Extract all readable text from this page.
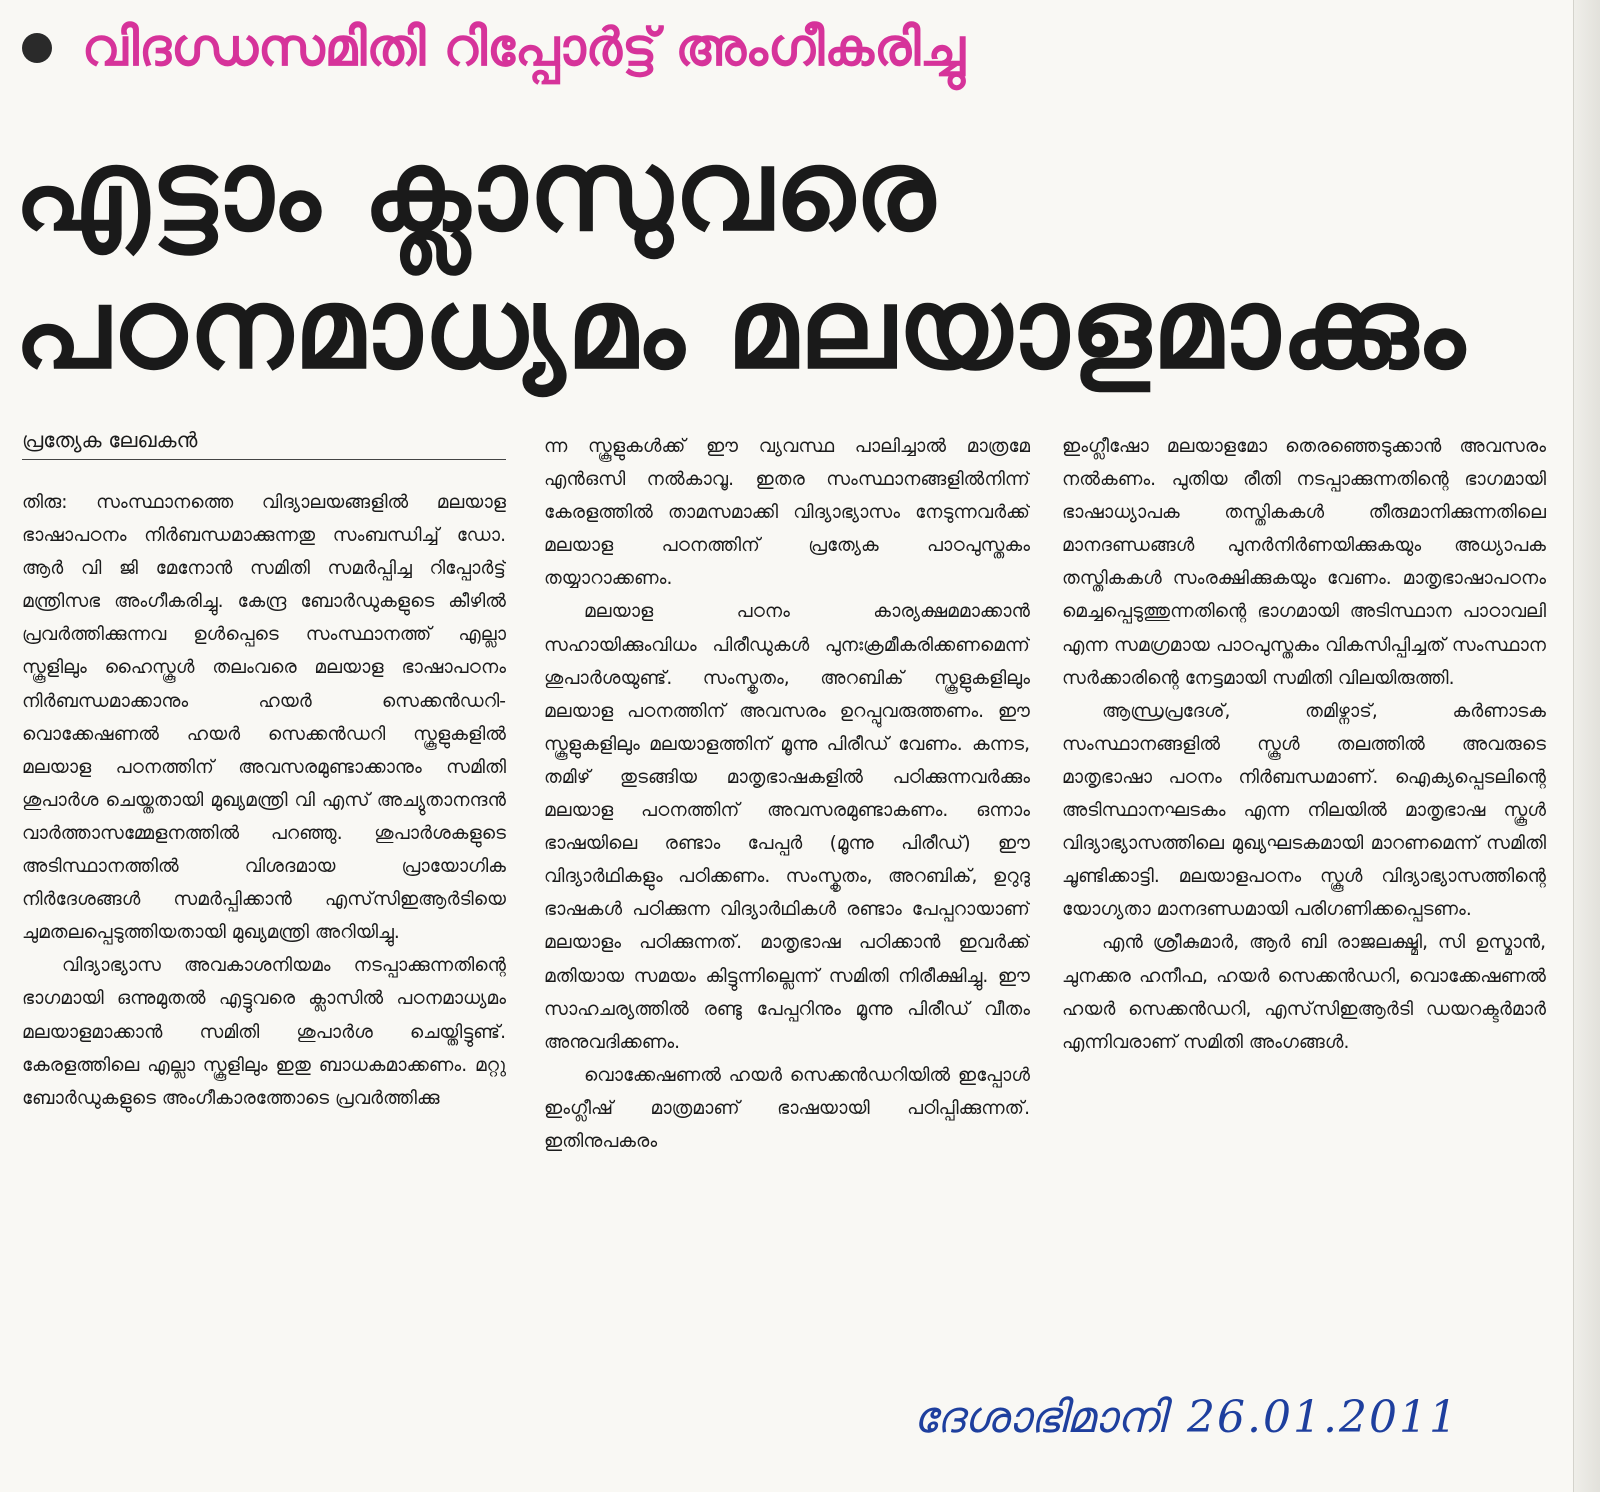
വിദഗ്ധസമിതി റിപ്പോര്‍ട്ട് അംഗീകരിച്ചു
എട്ടാം ക്ലാസുവരെ
പഠനമാധ്യമം മലയാളമാക്കും
പ്രത്യേക ലേഖകന്‍

തിരു: സംസ്ഥാനത്തെ വിദ്യാലയങ്ങളില്‍ മലയാള ഭാഷാപഠനം നിര്‍ബന്ധമാക്കുന്നതു സംബന്ധിച്ച് ഡോ. ആര്‍ വി ജി മേനോന്‍ സമിതി സമര്‍പ്പിച്ച റിപ്പോര്‍ട്ട് മന്ത്രിസഭ അംഗീകരിച്ചു. കേന്ദ്ര ബോര്‍ഡുകളുടെ കീഴില്‍ പ്രവര്‍ത്തിക്കുന്നവ ഉള്‍പ്പെടെ സംസ്ഥാനത്ത് എല്ലാ സ്കൂളിലും ഹൈസ്കൂള്‍ തലംവരെ മലയാള ഭാഷാപഠനം നിര്‍ബന്ധമാക്കാനും ഹയര്‍ സെക്കന്‍ഡറി-വൊക്കേഷണല്‍ ഹയര്‍ സെക്കന്‍ഡറി സ്കൂളുകളില്‍ മലയാള പഠനത്തിന് അവസരമുണ്ടാക്കാനും സമിതി ശുപാര്‍ശ ചെയ്തതായി മുഖ്യമന്ത്രി വി എസ് അച്യുതാനന്ദന്‍ വാര്‍ത്താസമ്മേളനത്തില്‍ പറഞ്ഞു. ശുപാര്‍ശകളുടെ അടിസ്ഥാനത്തില്‍ വിശദമായ പ്രായോഗിക നിര്‍ദേശങ്ങള്‍ സമര്‍പ്പിക്കാന്‍ എസ്‌സിഇആര്‍ടിയെ ചുമതലപ്പെടുത്തിയതായി മുഖ്യമന്ത്രി അറിയിച്ചു.

വിദ്യാഭ്യാസ അവകാശനിയമം നടപ്പാക്കുന്നതിന്റെ ഭാഗമായി ഒന്നുമുതല്‍ എട്ടുവരെ ക്ലാസില്‍ പഠനമാധ്യമം മലയാളമാക്കാന്‍ സമിതി ശുപാര്‍ശ ചെയ്തിട്ടുണ്ട്. കേരളത്തിലെ എല്ലാ സ്കൂളിലും ഇതു ബാധകമാക്കണം. മറ്റു ബോര്‍ഡുകളുടെ അംഗീകാരത്തോടെ പ്രവര്‍ത്തിക്കു

ന്ന സ്കൂളുകള്‍ക്ക് ഈ വ്യവസ്ഥ പാലിച്ചാല്‍ മാത്രമേ എന്‍ഒസി നല്‍കാവൂ. ഇതര സംസ്ഥാനങ്ങളില്‍നിന്ന് കേരളത്തില്‍ താമസമാക്കി വിദ്യാഭ്യാസം നേടുന്നവര്‍ക്ക് മലയാള പഠനത്തിന് പ്രത്യേക പാഠപുസ്തകം തയ്യാറാക്കണം.

മലയാള പഠനം കാര്യക്ഷമമാക്കാന്‍ സഹായിക്കുംവിധം പിരീഡുകള്‍ പുനഃക്രമീകരിക്കണമെന്ന് ശുപാര്‍ശയുണ്ട്. സംസ്കൃതം, അറബിക് സ്കൂളുകളിലും മലയാള പഠനത്തിന് അവസരം ഉറപ്പുവരുത്തണം. ഈ സ്കൂളുകളിലും മലയാളത്തിന് മൂന്നു പിരീഡ് വേണം. കന്നട, തമിഴ് തുടങ്ങിയ മാതൃഭാഷകളില്‍ പഠിക്കുന്നവര്‍ക്കും മലയാള പഠനത്തിന് അവസരമുണ്ടാകണം. ഒന്നാം ഭാഷയിലെ രണ്ടാം പേപ്പര്‍ (മൂന്നു പിരീഡ്) ഈ വിദ്യാര്‍ഥികളും പഠിക്കണം. സംസ്കൃതം, അറബിക്, ഉറുദു ഭാഷകള്‍ പഠിക്കുന്ന വിദ്യാര്‍ഥികള്‍ രണ്ടാം പേപ്പറായാണ് മലയാളം പഠിക്കുന്നത്. മാതൃഭാഷ പഠിക്കാന്‍ ഇവര്‍ക്ക് മതിയായ സമയം കിട്ടുന്നില്ലെന്ന് സമിതി നിരീക്ഷിച്ചു. ഈ സാഹചര്യത്തില്‍ രണ്ടു പേപ്പറിനും മൂന്നു പിരീഡ് വീതം അനുവദിക്കണം.

വൊക്കേഷണല്‍ ഹയര്‍ സെക്കന്‍ഡറിയില്‍ ഇപ്പോള്‍ ഇംഗ്ലീഷ് മാത്രമാണ് ഭാഷയായി പഠിപ്പിക്കുന്നത്. ഇതിനുപകരം

ഇംഗ്ലീഷോ മലയാളമോ തെരഞ്ഞെടുക്കാന്‍ അവസരം നല്‍കണം. പുതിയ രീതി നടപ്പാക്കുന്നതിന്റെ ഭാഗമായി ഭാഷാധ്യാപക തസ്തികകള്‍ തീരുമാനിക്കുന്നതിലെ മാനദണ്ഡങ്ങള്‍ പുനര്‍നിര്‍ണയിക്കുകയും അധ്യാപക തസ്തികകള്‍ സംരക്ഷിക്കുകയും വേണം. മാതൃഭാഷാപഠനം മെച്ചപ്പെടുത്തുന്നതിന്റെ ഭാഗമായി അടിസ്ഥാന പാഠാവലി എന്ന സമഗ്രമായ പാഠപുസ്തകം വികസിപ്പിച്ചത് സംസ്ഥാന സര്‍ക്കാരിന്റെ നേട്ടമായി സമിതി വിലയിരുത്തി.

ആന്ധ്രപ്രദേശ്, തമിഴ്നാട്, കര്‍ണാടക സംസ്ഥാനങ്ങളില്‍ സ്കൂള്‍ തലത്തില്‍ അവരുടെ മാതൃഭാഷാ പഠനം നിര്‍ബന്ധമാണ്. ഐക്യപ്പെടലിന്റെ അടിസ്ഥാനഘടകം എന്ന നിലയില്‍ മാതൃഭാഷ സ്കൂള്‍ വിദ്യാഭ്യാസത്തിലെ മുഖ്യഘടകമായി മാറണമെന്ന് സമിതി ചൂണ്ടിക്കാട്ടി. മലയാളപഠനം സ്കൂള്‍ വിദ്യാഭ്യാസത്തിന്റെ യോഗ്യതാ മാനദണ്ഡമായി പരിഗണിക്കപ്പെടണം.

എന്‍ ശ്രീകുമാര്‍, ആര്‍ ബി രാജലക്ഷ്മി, സി ഉസ്മാന്‍, ചുനക്കര ഹനീഫ, ഹയര്‍ സെക്കന്‍ഡറി, വൊക്കേഷണല്‍ ഹയര്‍ സെക്കന്‍ഡറി, എസ്‌സിഇആര്‍ടി ഡയറക്ടര്‍മാര്‍ എന്നിവരാണ് സമിതി അംഗങ്ങള്‍.

ദേശാഭിമാനി 26.01.2011
